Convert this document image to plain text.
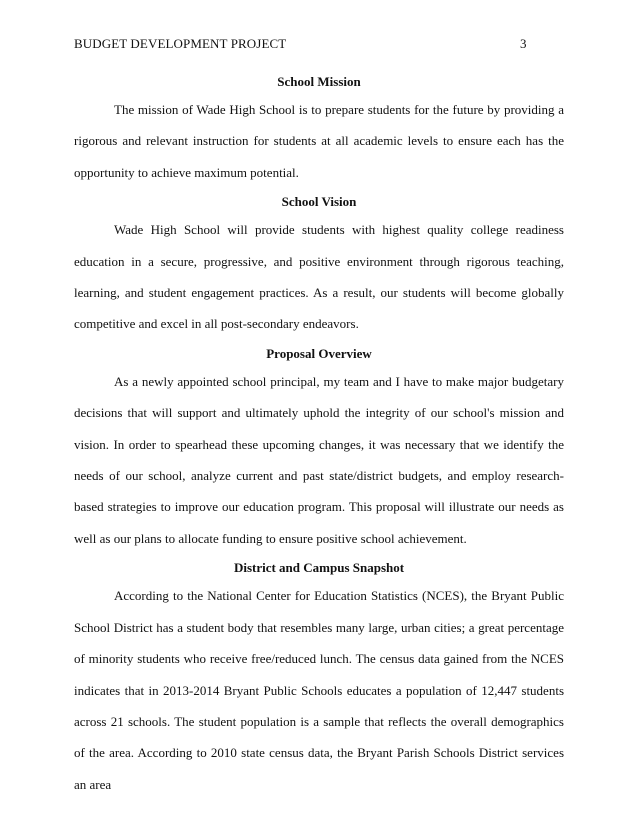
BUDGET DEVELOPMENT PROJECT	3
School Mission

The mission of Wade High School is to prepare students for the future by providing a rigorous and relevant instruction for students at all academic levels to ensure each has the opportunity to achieve maximum potential.

School Vision

Wade High School will provide students with highest quality college readiness education in a secure, progressive, and positive environment through rigorous teaching, learning, and student engagement practices. As a result, our students will become globally competitive and excel in all post-secondary endeavors.

Proposal Overview

As a newly appointed school principal, my team and I have to make major budgetary decisions that will support and ultimately uphold the integrity of our school's mission and vision. In order to spearhead these upcoming changes, it was necessary that we identify the needs of our school, analyze current and past state/district budgets, and employ research-based strategies to improve our education program. This proposal will illustrate our needs as well as our plans to allocate funding to ensure positive school achievement.

District and Campus Snapshot

According to the National Center for Education Statistics (NCES), the Bryant Public School District has a student body that resembles many large, urban cities; a great percentage of minority students who receive free/reduced lunch. The census data gained from the NCES indicates that in 2013-2014 Bryant Public Schools educates a population of 12,447 students across 21 schools. The student population is a sample that reflects the overall demographics of the area. According to 2010 state census data, the Bryant Parish Schools District services an area
